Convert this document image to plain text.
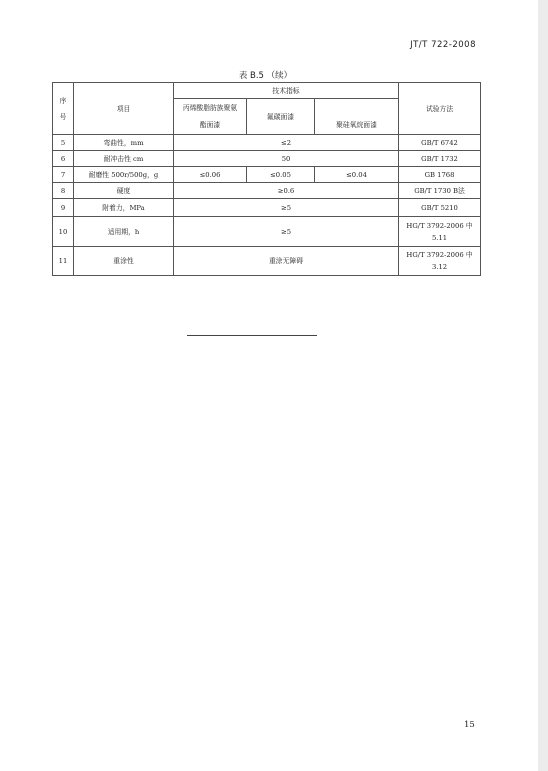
JT/T 722-2008
表 B.5 （续）
序号	项目	技术指标			试验方法
		丙烯酸脂肪族聚氨酯面漆	氟碳面漆	聚硅氧烷面漆	
5	弯曲性，mm	≤2			GB/T 6742
6	耐冲击性 cm	50			GB/T 1732
7	耐磨性 500r/500g，g	≤0.06	≤0.05	≤0.04	GB 1768
8	硬度	≥0.6			GB/T 1730 B法
9	附着力，MPa	≥5			GB/T 5210
10	适用期，h	≥5			HG/T 3792-2006 中 5.11
11	重涂性	重涂无障碍			HG/T 3792-2006 中 3.12
15
